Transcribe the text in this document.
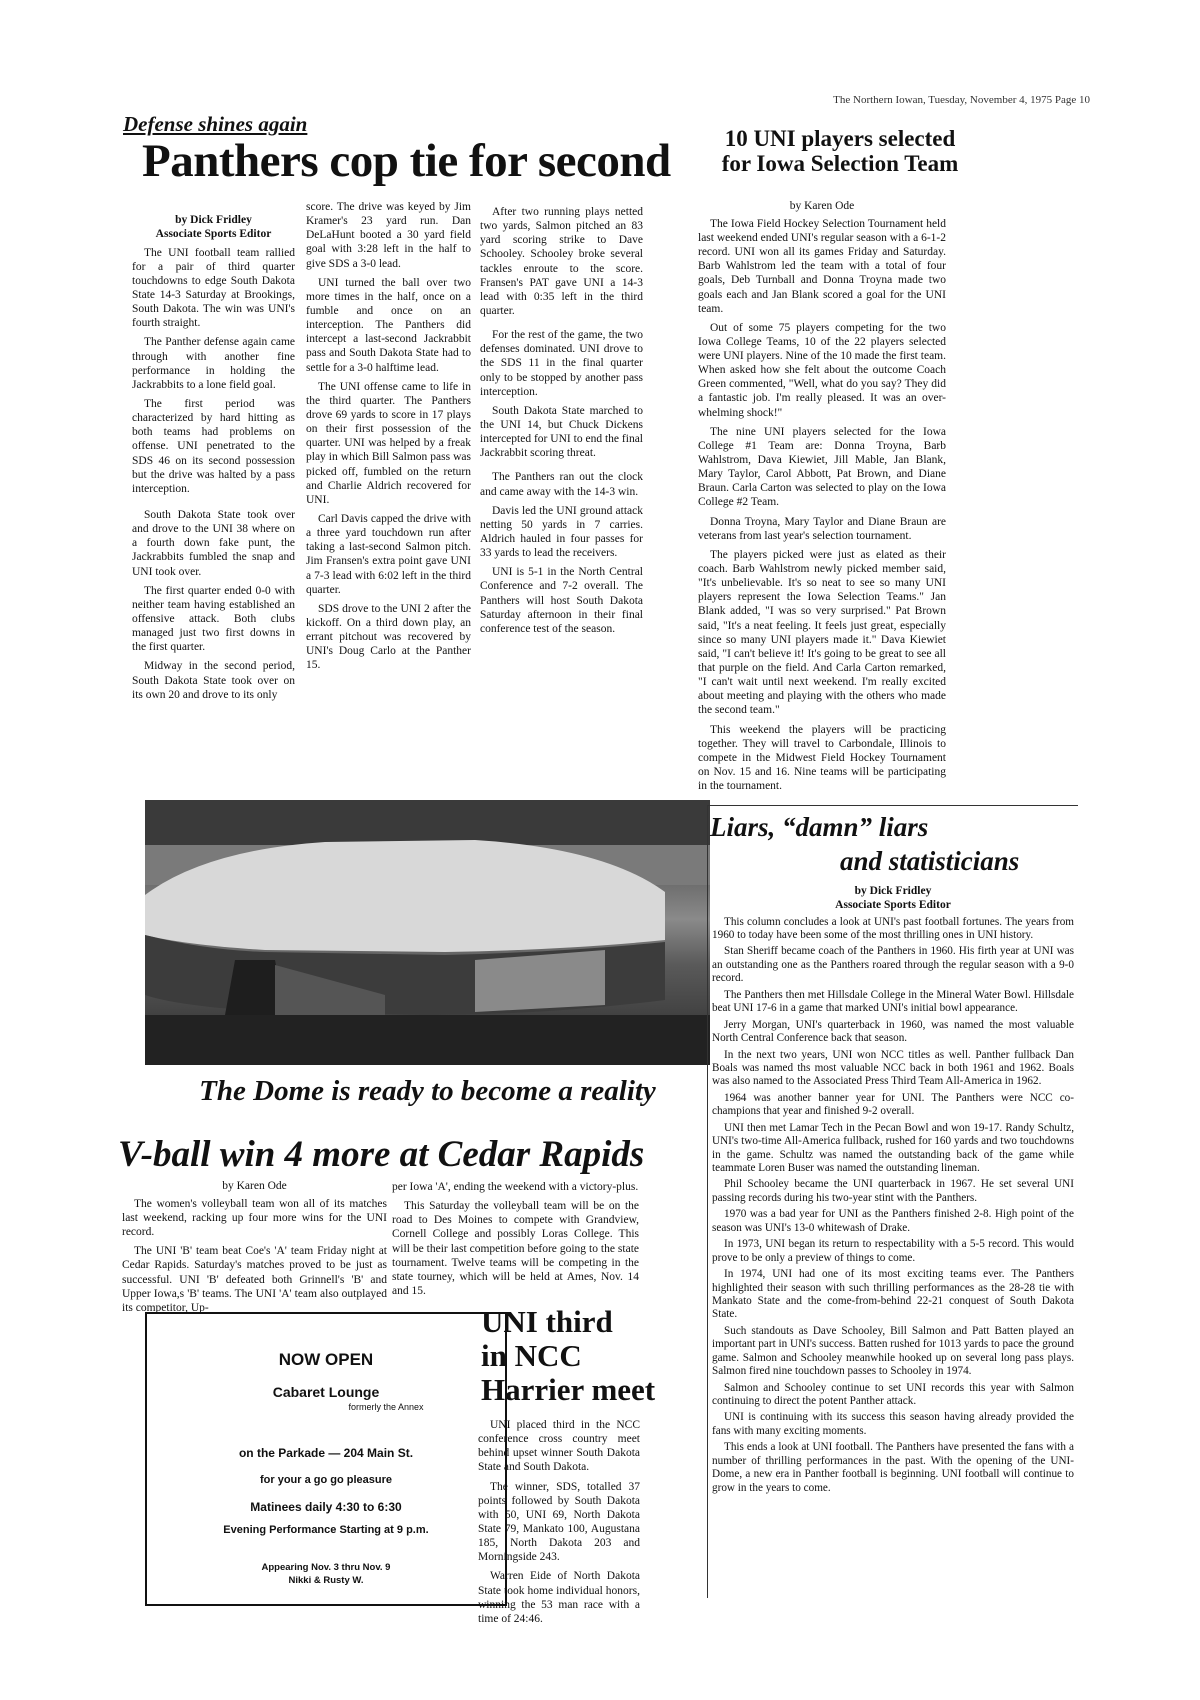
The Northern Iowan, Tuesday, November 4, 1975 Page 10
Defense shines again
Panthers cop tie for second
by Dick Fridley
Associate Sports Editor

The UNI football team rallied for a pair of third quarter touchdowns to edge South Dakota State 14-3 Saturday at Brookings, South Dakota. The win was UNI's fourth straight.

The Panther defense again came through with another fine performance in holding the Jackrabbits to a lone field goal.

The first period was characterized by hard hitting as both teams had problems on offense. UNI penetrated to the SDS 46 on its second possession but the drive was halted by a pass interception.

South Dakota State took over and drove to the UNI 38 where on a fourth down fake punt, the Jackrabbits fumbled the snap and UNI took over.

The first quarter ended 0-0 with neither team having established an offensive attack. Both clubs managed just two first downs in the first quarter.

Midway in the second period, South Dakota State took over on its own 20 and drove to its only

score. The drive was keyed by Jim Kramer's 23 yard run. Dan DeLaHunt booted a 30 yard field goal with 3:28 left in the half to give SDS a 3-0 lead.

UNI turned the ball over two more times in the half, once on a fumble and once on an interception. The Panthers did intercept a last-second Jackrabbit pass and South Dakota State had to settle for a 3-0 halftime lead.

The UNI offense came to life in the third quarter. The Panthers drove 69 yards to score in 17 plays on their first possession of the quarter. UNI was helped by a freak play in which Bill Salmon pass was picked off, fumbled on the return and Charlie Aldrich recovered for UNI.

Carl Davis capped the drive with a three yard touchdown run after taking a last-second Salmon pitch. Jim Fransen's extra point gave UNI a 7-3 lead with 6:02 left in the third quarter.

SDS drove to the UNI 2 after the kickoff. On a third down play, an errant pitchout was recovered by UNI's Doug Carlo at the Panther 15.

After two running plays netted two yards, Salmon pitched an 83 yard scoring strike to Dave Schooley. Schooley broke several tackles enroute to the score. Fransen's PAT gave UNI a 14-3 lead with 0:35 left in the third quarter.

For the rest of the game, the two defenses dominated. UNI drove to the SDS 11 in the final quarter only to be stopped by another pass interception.

South Dakota State marched to the UNI 14, but Chuck Dickens intercepted for UNI to end the final Jackrabbit scoring threat.

The Panthers ran out the clock and came away with the 14-3 win.

Davis led the UNI ground attack netting 50 yards in 7 carries. Aldrich hauled in four passes for 33 yards to lead the receivers.

UNI is 5-1 in the North Central Conference and 7-2 overall. The Panthers will host South Dakota Saturday afternoon in their final conference test of the season.

10 UNI players selected
for Iowa Selection Team
by Karen Ode

The Iowa Field Hockey Selection Tournament held last weekend ended UNI's regular season with a 6-1-2 record. UNI won all its games Friday and Saturday. Barb Wahlstrom led the team with a total of four goals, Deb Turnball and Donna Troyna made two goals each and Jan Blank scored a goal for the UNI team.

Out of some 75 players competing for the two Iowa College Teams, 10 of the 22 players selected were UNI players. Nine of the 10 made the first team. When asked how she felt about the outcome Coach Green commented, "Well, what do you say? They did a fantastic job. I'm really pleased. It was an over-whelming shock!"

The nine UNI players selected for the Iowa College #1 Team are: Donna Troyna, Barb Wahlstrom, Dava Kiewiet, Jill Mable, Jan Blank, Mary Taylor, Carol Abbott, Pat Brown, and Diane Braun. Carla Carton was selected to play on the Iowa College #2 Team.

Donna Troyna, Mary Taylor and Diane Braun are veterans from last year's selection tournament.

The players picked were just as elated as their coach. Barb Wahlstrom newly picked member said, "It's unbelievable. It's so neat to see so many UNI players represent the Iowa Selection Teams." Jan Blank added, "I was so very surprised." Pat Brown said, "It's a neat feeling. It feels just great, especially since so many UNI players made it." Dava Kiewiet said, "I can't believe it! It's going to be great to see all that purple on the field. And Carla Carton remarked, "I can't wait until next weekend. I'm really excited about meeting and playing with the others who made the second team."

This weekend the players will be practicing together. They will travel to Carbondale, Illinois to compete in the Midwest Field Hockey Tournament on Nov. 15 and 16. Nine teams will be participating in the tournament.

The Dome is ready to become a reality
V-ball win 4 more at Cedar Rapids
by Karen Ode

The women's volleyball team won all of its matches last weekend, racking up four more wins for the UNI record.

The UNI 'B' team beat Coe's 'A' team Friday night at Cedar Rapids. Saturday's matches proved to be just as successful. UNI 'B' defeated both Grinnell's 'B' and Upper Iowa,s 'B' teams. The UNI 'A' team also outplayed its competitor, Up-

per Iowa 'A', ending the weekend with a victory-plus.

This Saturday the volleyball team will be on the road to Des Moines to compete with Grandview, Cornell College and possibly Loras College. This will be their last competition before going to the state tournament. Twelve teams will be competing in the state tourney, which will be held at Ames, Nov. 14 and 15.

NOW OPEN
Cabaret Lounge
formerly the Annex
on the Parkade — 204 Main St.
for your a go go pleasure
Matinees daily 4:30 to 6:30
Evening Performance Starting at 9 p.m.
Appearing Nov. 3 thru Nov. 9
Nikki & Rusty W.
UNI third
in NCC
Harrier meet

UNI placed third in the NCC conference cross country meet behind upset winner South Dakota State and South Dakota.

The winner, SDS, totalled 37 points followed by South Dakota with 50, UNI 69, North Dakota State 79, Mankato 100, Augustana 185, North Dakota 203 and Morningside 243.

Warren Eide of North Dakota State took home individual honors, winning the 53 man race with a time of 24:46.

Liars, “damn” liars
and statisticians
by Dick Fridley
Associate Sports Editor

This column concludes a look at UNI's past football fortunes. The years from 1960 to today have been some of the most thrilling ones in UNI history.

Stan Sheriff became coach of the Panthers in 1960. His firth year at UNI was an outstanding one as the Panthers roared through the regular season with a 9-0 record.

The Panthers then met Hillsdale College in the Mineral Water Bowl. Hillsdale beat UNI 17-6 in a game that marked UNI's initial bowl appearance.

Jerry Morgan, UNI's quarterback in 1960, was named the most valuable North Central Conference back that season.

In the next two years, UNI won NCC titles as well. Panther fullback Dan Boals was named ths most valuable NCC back in both 1961 and 1962. Boals was also named to the Associated Press Third Team All-America in 1962.

1964 was another banner year for UNI. The Panthers were NCC co-champions that year and finished 9-2 overall.

UNI then met Lamar Tech in the Pecan Bowl and won 19-17. Randy Schultz, UNI's two-time All-America fullback, rushed for 160 yards and two touchdowns in the game. Schultz was named the outstanding back of the game while teammate Loren Buser was named the outstanding lineman.

Phil Schooley became the UNI quarterback in 1967. He set several UNI passing records during his two-year stint with the Panthers.

1970 was a bad year for UNI as the Panthers finished 2-8. High point of the season was UNI's 13-0 whitewash of Drake.

In 1973, UNI began its return to respectability with a 5-5 record. This would prove to be only a preview of things to come.

In 1974, UNI had one of its most exciting teams ever. The Panthers highlighted their season with such thrilling performances as the 28-28 tie with Mankato State and the come-from-behind 22-21 conquest of South Dakota State.

Such standouts as Dave Schooley, Bill Salmon and Patt Batten played an important part in UNI's success. Batten rushed for 1013 yards to pace the ground game. Salmon and Schooley meanwhile hooked up on several long pass plays. Salmon fired nine touchdown passes to Schooley in 1974.

Salmon and Schooley continue to set UNI records this year with Salmon continuing to direct the potent Panther attack.

UNI is continuing with its success this season having already provided the fans with many exciting moments.

This ends a look at UNI football. The Panthers have presented the fans with a number of thrilling performances in the past. With the opening of the UNI-Dome, a new era in Panther football is beginning. UNI football will continue to grow in the years to come.
